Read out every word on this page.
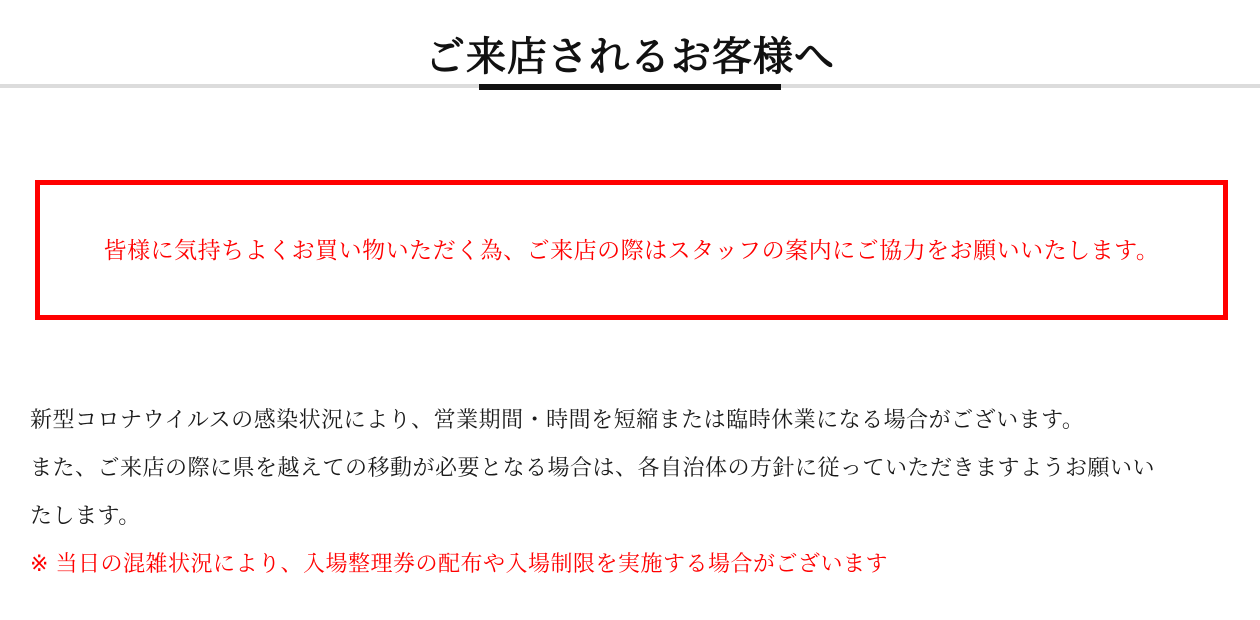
ご来店されるお客様へ

皆様に気持ちよくお買い物いただく為、ご来店の際はスタッフの案内にご協力をお願いいたします。

新型コロナウイルスの感染状況により、営業期間・時間を短縮または臨時休業になる場合がございます。

また、ご来店の際に県を越えての移動が必要となる場合は、各自治体の方針に従っていただきますようお願いい

たします。

※ 当日の混雑状況により、入場整理券の配布や入場制限を実施する場合がございます
